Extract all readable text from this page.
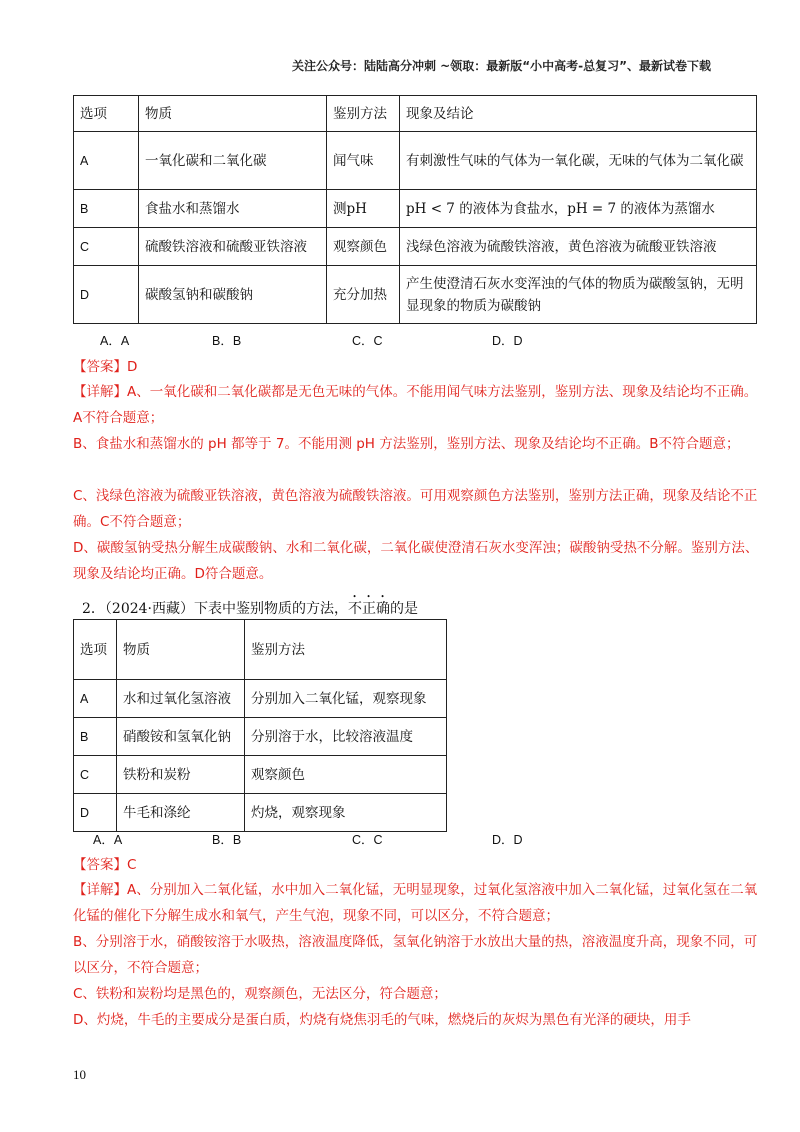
关注公众号：陆陆高分冲刺 ~领取：最新版“小中高考-总复习”、最新试卷下载
选项	物质	鉴别方法	现象及结论
A	一氧化碳和二氧化碳	闻气味	有刺激性气味的气体为一氧化碳，无味的气体为二氧化碳
B	食盐水和蒸馏水	测pH	pH < 7 的液体为食盐水，pH = 7 的液体为蒸馏水
C	硫酸铁溶液和硫酸亚铁溶液	观察颜色	浅绿色溶液为硫酸铁溶液，黄色溶液为硫酸亚铁溶液
D	碳酸氢钠和碳酸钠	充分加热	产生使澄清石灰水变浑浊的气体的物质为碳酸氢钠，无明显现象的物质为碳酸钠
A．A	B．B	C．C	D．D
【答案】D
【详解】A、一氧化碳和二氧化碳都是无色无味的气体。不能用闻气味方法鉴别，鉴别方法、现象及结论均不正确。A不符合题意；
B、食盐水和蒸馏水的 pH 都等于 7。不能用测 pH 方法鉴别，鉴别方法、现象及结论均不正确。B不符合题意；
C、浅绿色溶液为硫酸亚铁溶液，黄色溶液为硫酸铁溶液。可用观察颜色方法鉴别，鉴别方法正确，现象及结论不正确。C不符合题意；
D、碳酸氢钠受热分解生成碳酸钠、水和二氧化碳，二氧化碳使澄清石灰水变浑浊；碳酸钠受热不分解。鉴别方法、现象及结论均正确。D符合题意。
2．（2024·西藏）下表中鉴别物质的方法，不正确的是
选项	物质	鉴别方法
A	水和过氧化氢溶液	分别加入二氧化锰，观察现象
B	硝酸铵和氢氧化钠	分别溶于水，比较溶液温度
C	铁粉和炭粉	观察颜色
D	牛毛和涤纶	灼烧，观察现象
A．A	B．B	C．C	D．D
【答案】C
【详解】A、分别加入二氧化锰，水中加入二氧化锰，无明显现象，过氧化氢溶液中加入二氧化锰，过氧化氢在二氧化锰的催化下分解生成水和氧气，产生气泡，现象不同，可以区分，不符合题意；
B、分别溶于水，硝酸铵溶于水吸热，溶液温度降低，氢氧化钠溶于水放出大量的热，溶液温度升高，现象不同，可以区分，不符合题意；
C、铁粉和炭粉均是黑色的，观察颜色，无法区分，符合题意；
D、灼烧，牛毛的主要成分是蛋白质，灼烧有烧焦羽毛的气味，燃烧后的灰烬为黑色有光泽的硬块，用手
10
